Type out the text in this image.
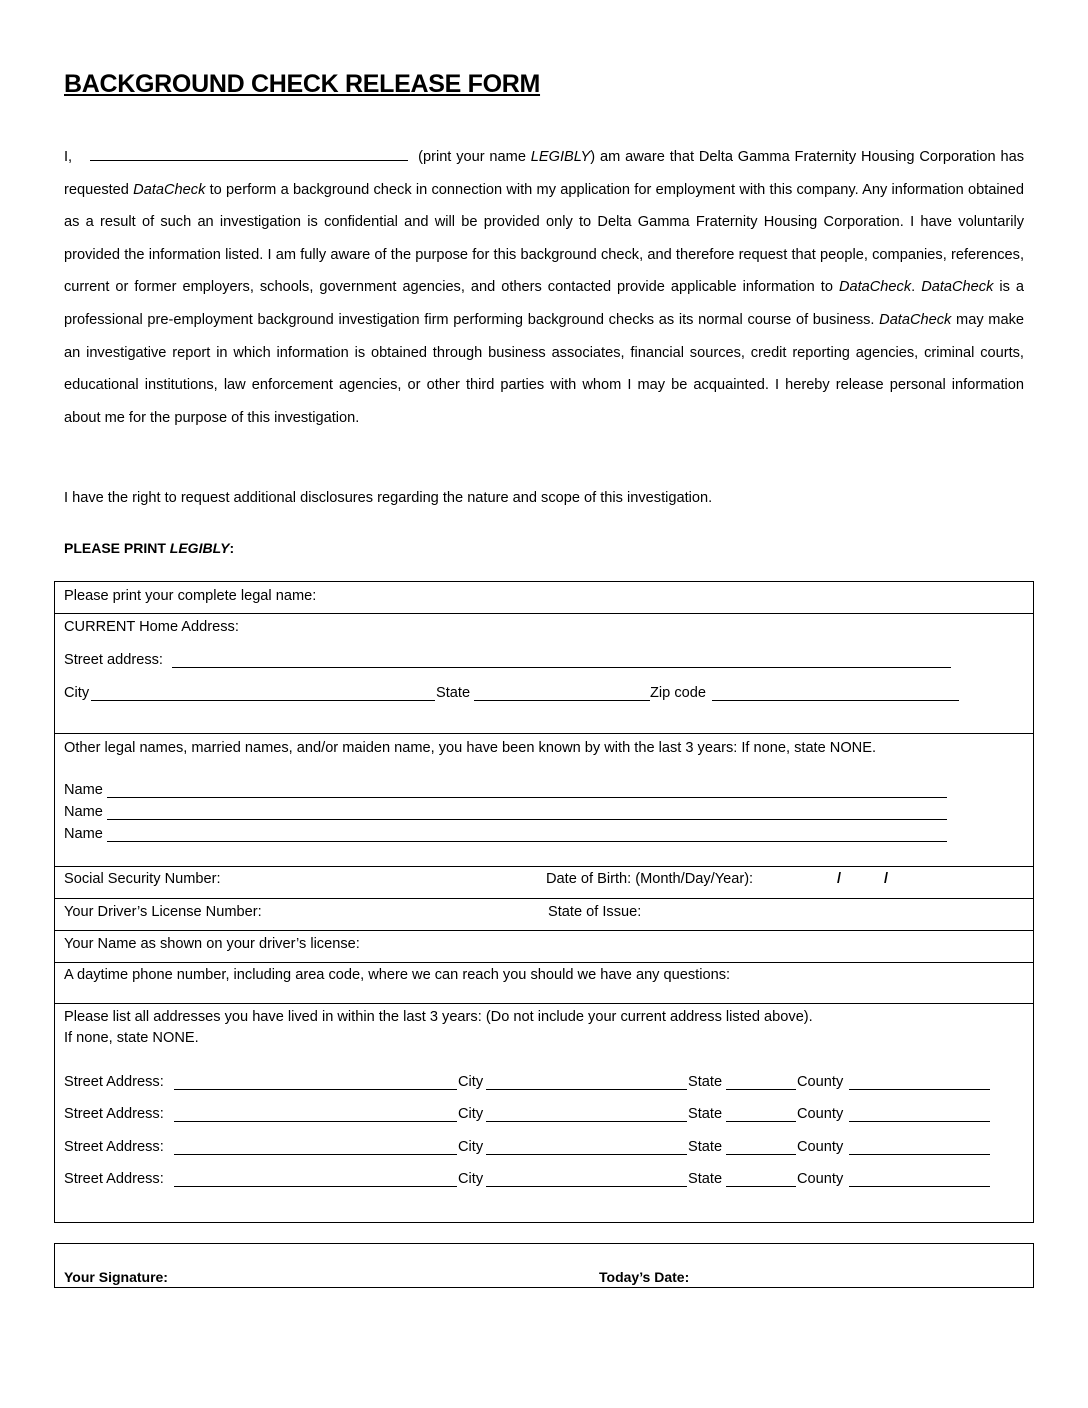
BACKGROUND CHECK RELEASE FORM
I,	(print your name LEGIBLY) am aware that Delta Gamma Fraternity Housing Corporation has requested DataCheck to perform a background check in connection with my application for employment with this company. Any information obtained as a result of such an investigation is confidential and will be provided only to Delta Gamma Fraternity Housing Corporation. I have voluntarily provided the information listed. I am fully aware of the purpose for this background check, and therefore request that people, companies, references, current or former employers, schools, government agencies, and others contacted provide applicable information to DataCheck. DataCheck is a professional pre-employment background investigation firm performing background checks as its normal course of business. DataCheck may make an investigative report in which information is obtained through business associates, financial sources, credit reporting agencies, criminal courts, educational institutions, law enforcement agencies, or other third parties with whom I may be acquainted. I hereby release personal information about me for the purpose of this investigation.
I have the right to request additional disclosures regarding the nature and scope of this investigation.
PLEASE PRINT LEGIBLY:
Please print your complete legal name:
CURRENT Home Address:
Street address:
City	State	Zip code
Other legal names, married names, and/or maiden name, you have been known by with the last 3 years: If none, state NONE.
Name
Name
Name
Social Security Number:	Date of Birth: (Month/Day/Year):	/	/
Your Driver’s License Number:	State of Issue:
Your Name as shown on your driver’s license:
A daytime phone number, including area code, where we can reach you should we have any questions:
Please list all addresses you have lived in within the last 3 years: (Do not include your current address listed above).
If none, state NONE.
Street Address:	City	State	County
Street Address:	City	State	County
Street Address:	City	State	County
Street Address:	City	State	County
Your Signature:	Today’s Date:
